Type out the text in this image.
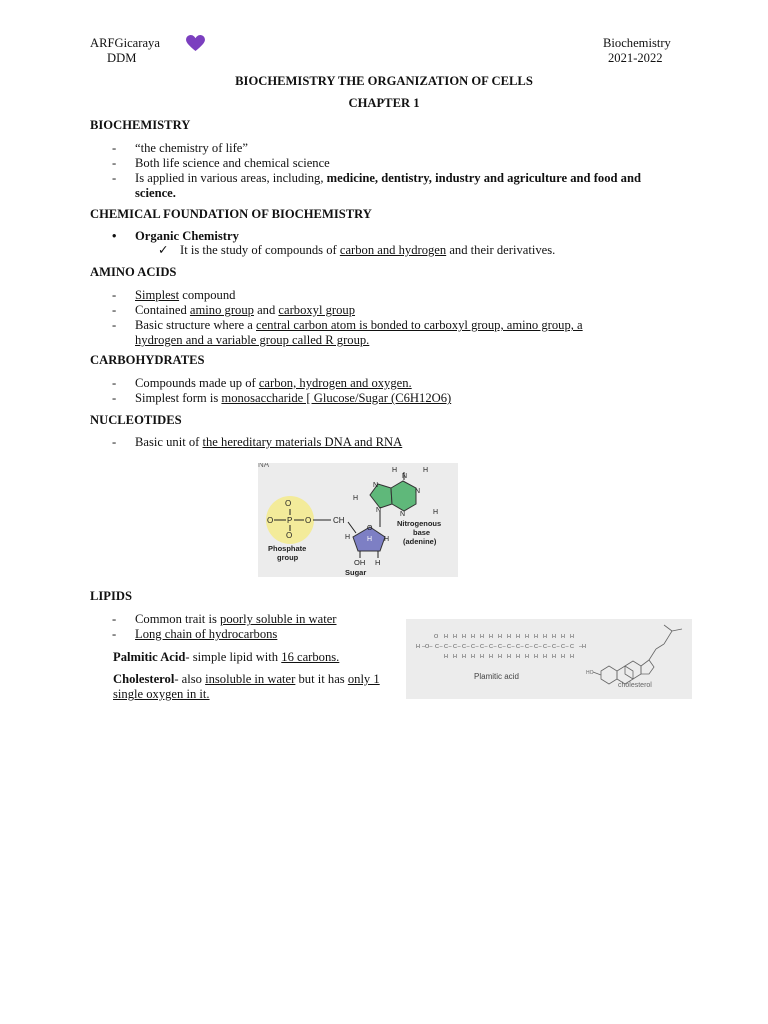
ARFGicaraya
DDM
Biochemistry
2021-2022
BIOCHEMISTRY THE ORGANIZATION OF CELLS
CHAPTER 1
BIOCHEMISTRY
- “the chemistry of life”
- Both life science and chemical science
- Is applied in various areas, including, medicine, dentistry, industry and agriculture and food and science.
CHEMICAL FOUNDATION OF BIOCHEMISTRY
• Organic Chemistry
✓ It is the study of compounds of carbon and hydrogen and their derivatives.
AMINO ACIDS
- Simplest compound
- Contained amino group and carboxyl group
- Basic structure where a central carbon atom is bonded to carboxyl group, amino group, a hydrogen and a variable group called R group.
CARBOHYDRATES
- Compounds made up of carbon, hydrogen and oxygen.
- Simplest form is monosaccharide [ Glucose/Sugar (C6H12O6)
NUCLEOTIDES
- Basic unit of the hereditary materials DNA and RNA
NA
O
O P O
O
CH
Phosphate
group
O
H H H
OH H
Sugar
N
N
N
N
N
H	H
H
H
Nitrogenous
base
(adenine)
LIPIDS
- Common trait is poorly soluble in water
- Long chain of hydrocarbons
Palmitic Acid- simple lipid with 16 carbons.
Cholesterol- also insoluble in water but it has only 1 single oxygen in it.
O
H –O– C – C –
H
H
C –
H
H
C –
H
H
C –
H
H
C –
H
H
C –
H
H
C –
H
H
C –
H
H
C –
H
H
C –
H
H
C –
H
H
C –
H
H
C –
H
H
C –
H
H
C
H
H
–H
Plamitic acid	HO
cholesterol
